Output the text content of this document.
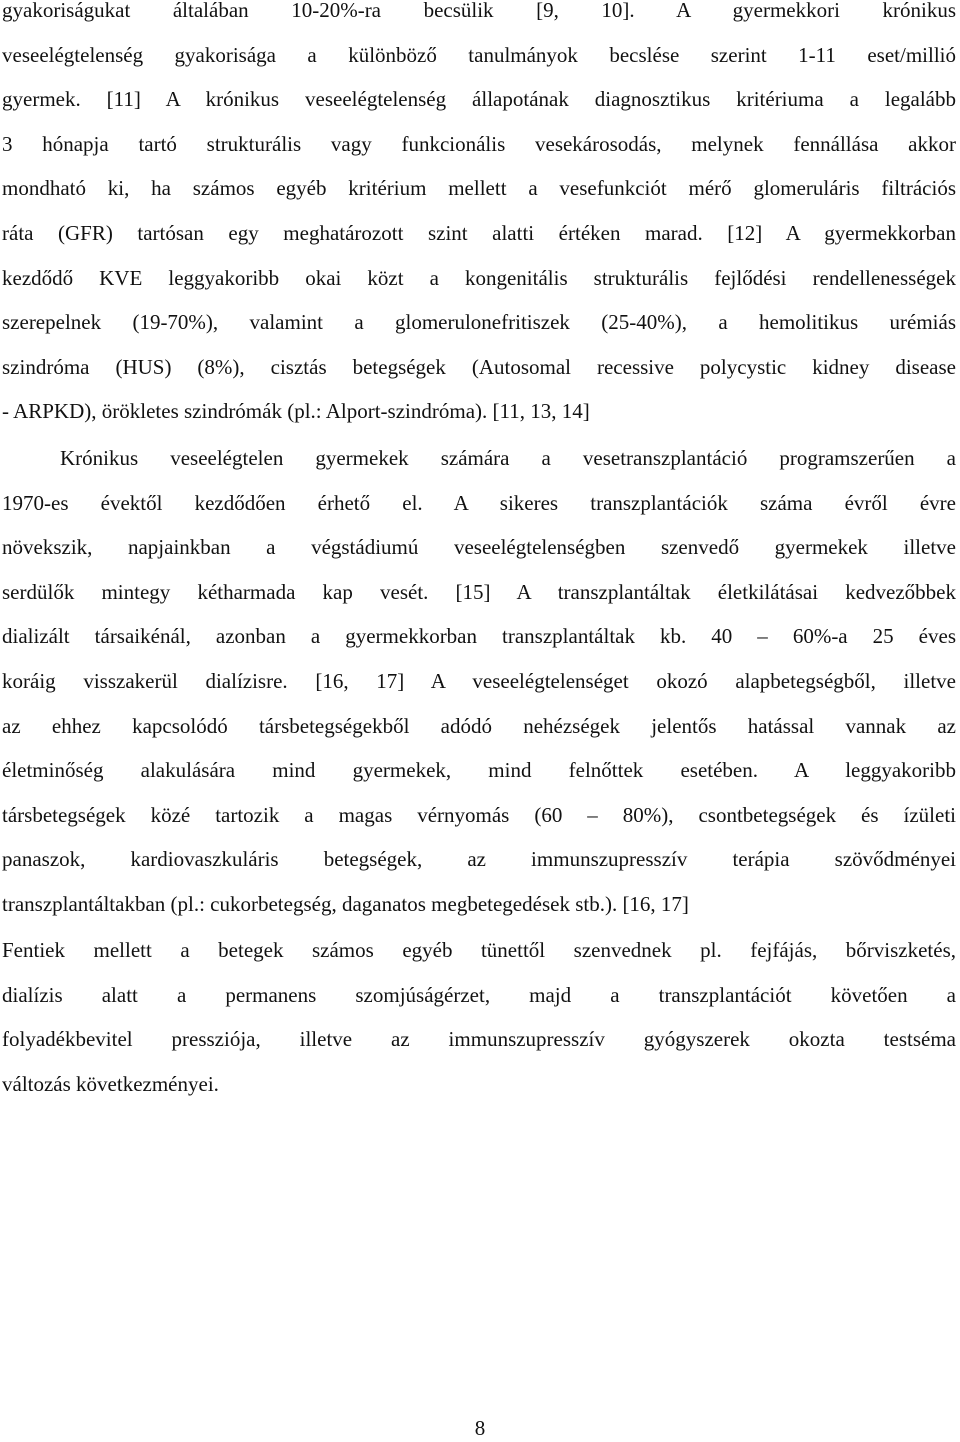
gyakoriságukat általában 10-20%-ra becsülik [9, 10]. A gyermekkori krónikus
veseelégtelenség gyakorisága a különböző tanulmányok becslése szerint 1-11 eset/millió
gyermek. [11] A krónikus veseelégtelenség állapotának diagnosztikus kritériuma a legalább
3 hónapja tartó strukturális vagy funkcionális vesekárosodás, melynek fennállása akkor
mondható ki, ha számos egyéb kritérium mellett a vesefunkciót mérő glomeruláris filtrációs
ráta (GFR) tartósan egy meghatározott szint alatti értéken marad. [12] A gyermekkorban
kezdődő KVE leggyakoribb okai közt a kongenitális strukturális fejlődési rendellenességek
szerepelnek (19-70%), valamint a glomerulonefritiszek (25-40%), a hemolitikus urémiás
szindróma (HUS) (8%), cisztás betegségek (Autosomal recessive polycystic kidney disease
- ARPKD), örökletes szindrómák (pl.: Alport-szindróma). [11, 13, 14]
Krónikus veseelégtelen gyermekek számára a vesetranszplantáció programszerűen a
1970-es évektől kezdődően érhető el. A sikeres transzplantációk száma évről évre
növekszik, napjainkban a végstádiumú veseelégtelenségben szenvedő gyermekek illetve
serdülők mintegy kétharmada kap vesét. [15] A transzplantáltak életkilátásai kedvezőbbek
dializált társaikénál, azonban a gyermekkorban transzplantáltak kb. 40 – 60%-a 25 éves
koráig visszakerül dialízisre. [16, 17] A veseelégtelenséget okozó alapbetegségből, illetve
az ehhez kapcsolódó társbetegségekből adódó nehézségek jelentős hatással vannak az
életminőség alakulására mind gyermekek, mind felnőttek esetében. A leggyakoribb
társbetegségek közé tartozik a magas vérnyomás (60 – 80%), csontbetegségek és ízületi
panaszok, kardiovaszkuláris betegségek, az immunszupresszív terápia szövődményei
transzplantáltakban (pl.: cukorbetegség, daganatos megbetegedések stb.). [16, 17]
Fentiek mellett a betegek számos egyéb tünettől szenvednek pl. fejfájás, bőrviszketés,
dialízis alatt a permanens szomjúságérzet, majd a transzplantációt követően a
folyadékbevitel pressziója, illetve az immunszupresszív gyógyszerek okozta testséma
változás következményei.
8
